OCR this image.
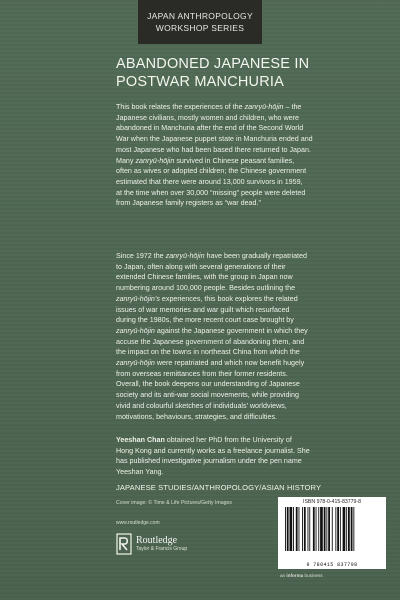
JAPAN ANTHROPOLOGY
WORKSHOP SERIES
ABANDONED JAPANESE IN
POSTWAR MANCHURIA
This book relates the experiences of the zanryū-hōjin – the
Japanese civilians, mostly women and children, who were
abandoned in Manchuria after the end of the Second World
War when the Japanese puppet state in Manchuria ended and
most Japanese who had been based there returned to Japan.
Many zanryū-hōjin survived in Chinese peasant families,
often as wives or adopted children; the Chinese government
estimated that there were around 13,000 survivors in 1959,
at the time when over 30,000 “missing” people were deleted
from Japanese family registers as “war dead.”
Since 1972 the zanryū-hōjin have been gradually repatriated
to Japan, often along with several generations of their
extended Chinese families, with the group in Japan now
numbering around 100,000 people. Besides outlining the
zanryū-hōjin’s experiences, this book explores the related
issues of war memories and war guilt which resurfaced
during the 1980s, the more recent court case brought by
zanryū-hōjin against the Japanese government in which they
accuse the Japanese government of abandoning them, and
the impact on the towns in northeast China from which the
zanryū-hōjin were repatriated and which now benefit hugely
from overseas remittances from their former residents.
Overall, the book deepens our understanding of Japanese
society and its anti-war social movements, while providing
vivid and colourful sketches of individuals’ worldviews,
motivations, behaviours, strategies, and difficulties.
Yeeshan Chan obtained her PhD from the University of
Hong Kong and currently works as a freelance journalist. She
has published investigative journalism under the pen name
Yeeshan Yang.
JAPANESE STUDIES/ANTHROPOLOGY/ASIAN HISTORY
Cover image: © Time & Life Pictures/Getty Images
www.routledge.com
Routledge
Taylor & Francis Group
ISBN 978-0-415-83779-8
9 780415 837798
an informa business
